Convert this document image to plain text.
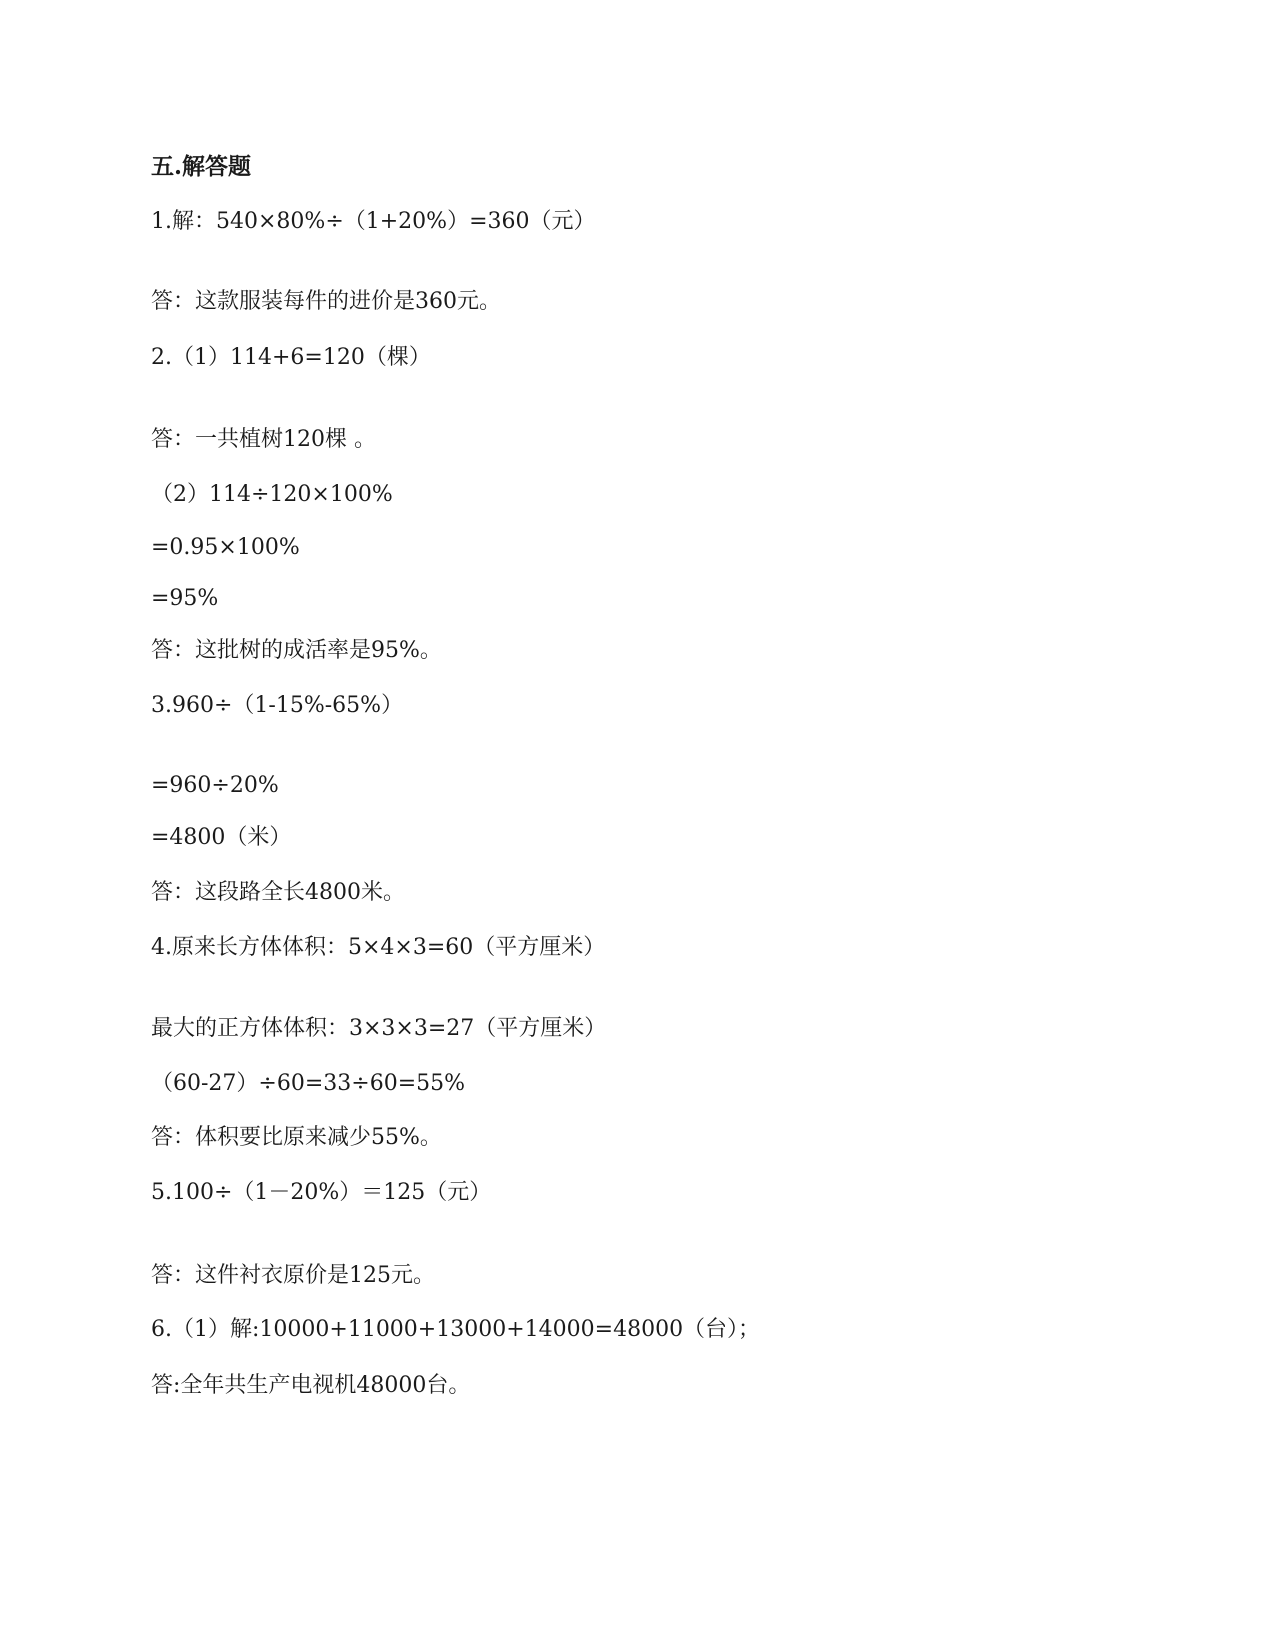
五.解答题
1.解：540×80%÷（1+20%）=360（元）
答：这款服装每件的进价是360元。
2.（1）114+6=120（棵）
答：一共植树120棵 。
（2）114÷120×100%
=0.95×100%
=95%
答：这批树的成活率是95%。
3.960÷（1-15%-65%）
=960÷20%
=4800（米）
答：这段路全长4800米。
4.原来长方体体积：5×4×3=60（平方厘米）
最大的正方体体积：3×3×3=27（平方厘米）
（60-27）÷60=33÷60=55%
答：体积要比原来减少55%。
5.100÷（1－20%）＝125（元）
答：这件衬衣原价是125元。
6.（1）解:10000+11000+13000+14000=48000（台）；
答:全年共生产电视机48000台。
